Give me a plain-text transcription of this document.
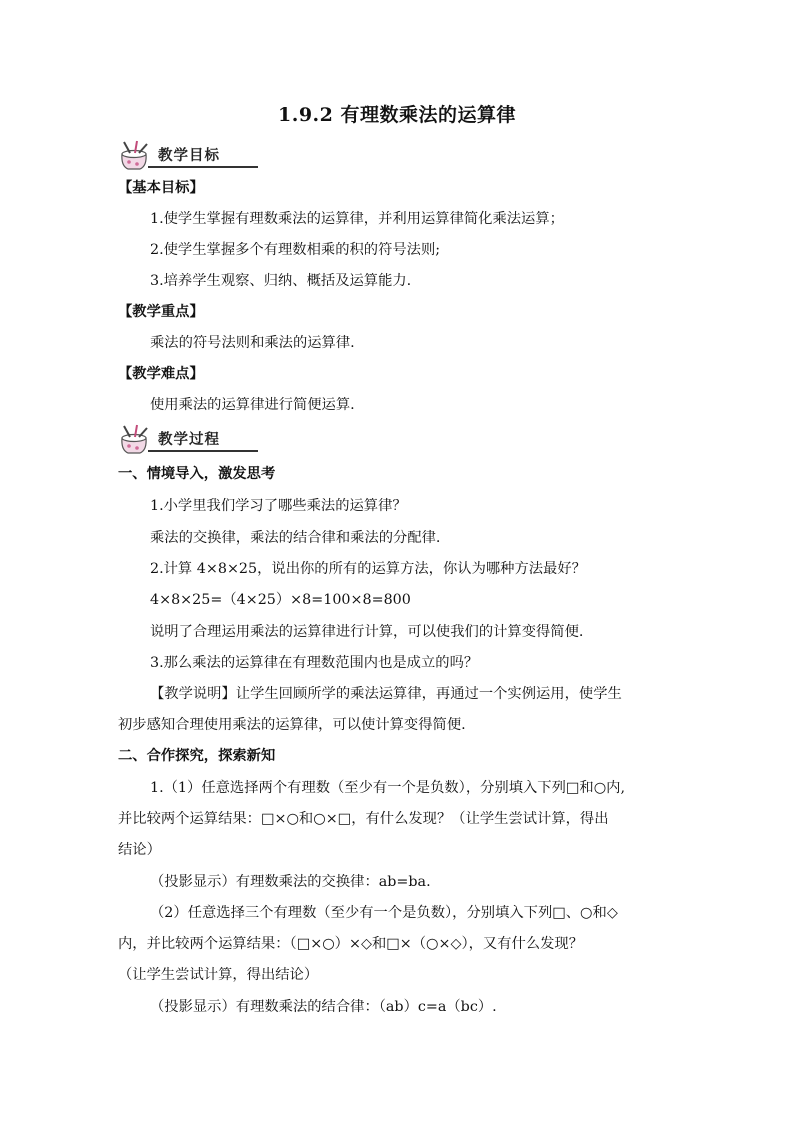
1.9.2 有理数乘法的运算律
教学目标
【基本目标】
1.使学生掌握有理数乘法的运算律，并利用运算律简化乘法运算；
2.使学生掌握多个有理数相乘的积的符号法则;
3.培养学生观察、归纳、概括及运算能力.
【教学重点】
乘法的符号法则和乘法的运算律.
【教学难点】
使用乘法的运算律进行简便运算.
教学过程
一、情境导入，激发思考
1.小学里我们学习了哪些乘法的运算律？
乘法的交换律，乘法的结合律和乘法的分配律.
2.计算 4×8×25，说出你的所有的运算方法，你认为哪种方法最好？
4×8×25=（4×25）×8=100×8=800
说明了合理运用乘法的运算律进行计算，可以使我们的计算变得简便.
3.那么乘法的运算律在有理数范围内也是成立的吗？
【教学说明】让学生回顾所学的乘法运算律，再通过一个实例运用，使学生
初步感知合理使用乘法的运算律，可以使计算变得简便.
二、合作探究，探索新知
1.（1）任意选择两个有理数（至少有一个是负数），分别填入下列□和○内,
并比较两个运算结果：□×○和○×□，有什么发现？（让学生尝试计算，得出
结论）
（投影显示）有理数乘法的交换律：ab=ba.
（2）任意选择三个有理数（至少有一个是负数），分别填入下列□、○和◇
内，并比较两个运算结果：（□×○）×◇和□×（○×◇），又有什么发现？
（让学生尝试计算，得出结论）
（投影显示）有理数乘法的结合律：（ab）c=a（bc）.
